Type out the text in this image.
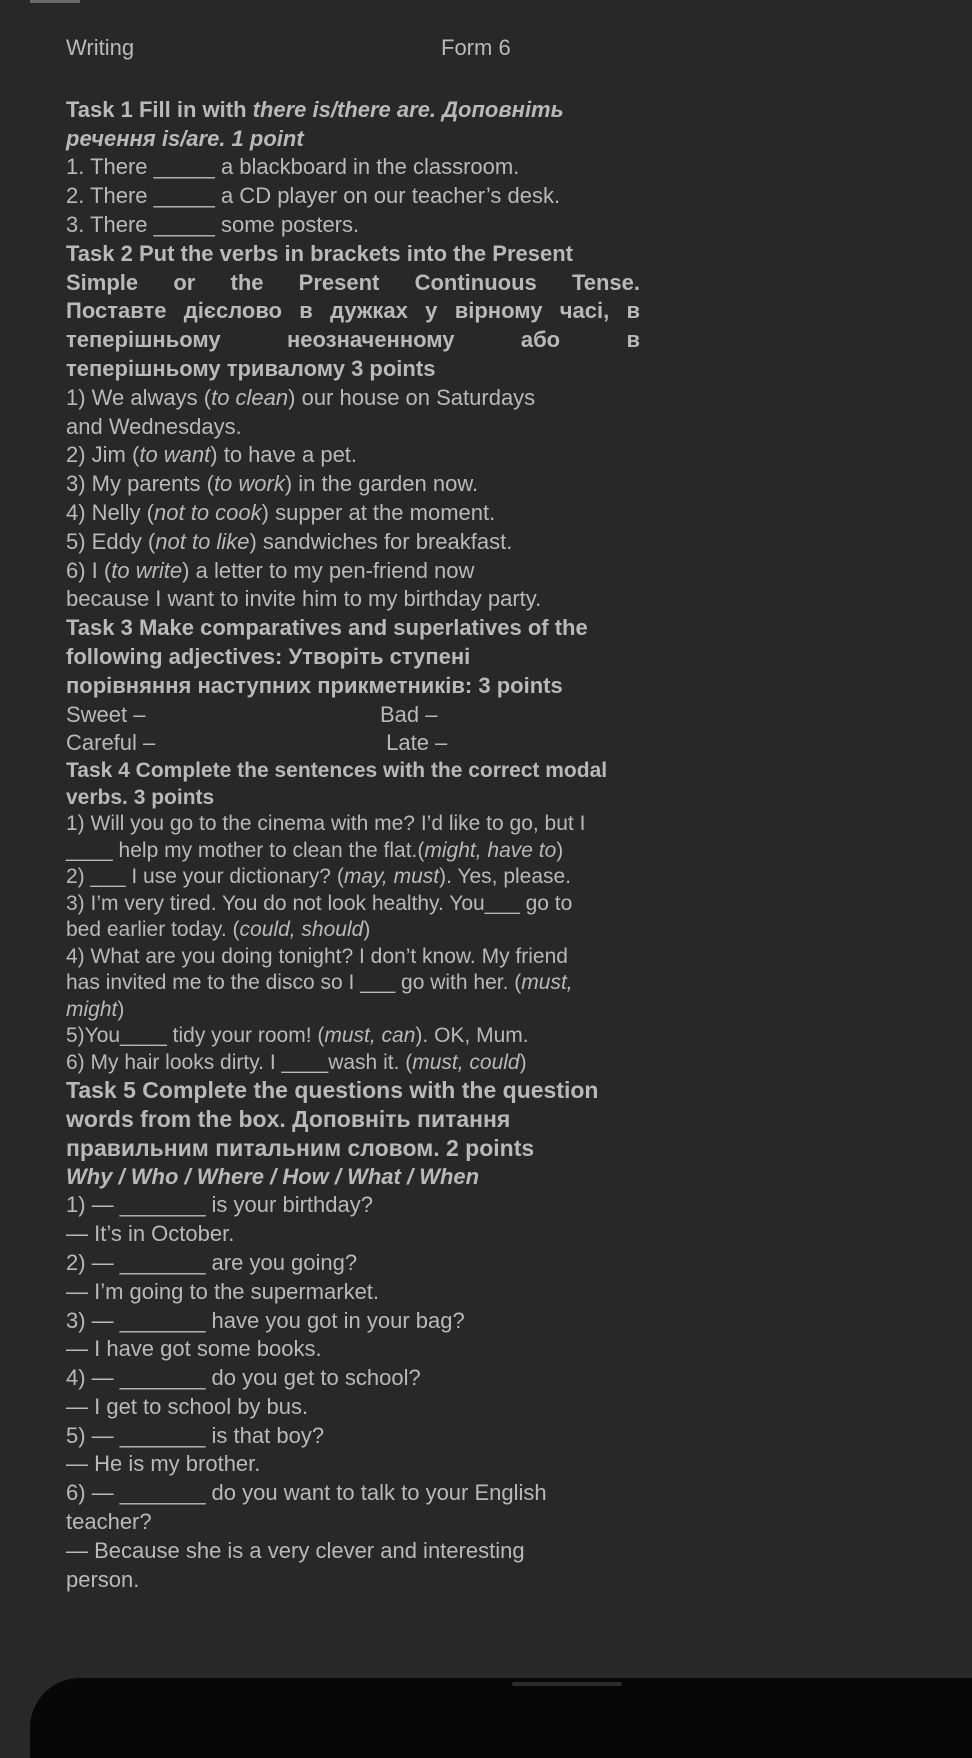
Writing	Form 6
Task 1 Fill in with there is/there are. Доповніть
речення is/are. 1 point
1. There _____ a blackboard in the classroom.
2. There _____ a CD player on our teacher’s desk.
3. There _____ some posters.
Task 2 Put the verbs in brackets into the Present
Simple or the Present Continuous Tense.
Поставте дієслово в дужках у вірному часі, в
теперішньому неозначенному або в
теперішньому тривалому 3 points
1) We always (to clean) our house on Saturdays
and Wednesdays.
2) Jim (to want) to have a pet.
3) My parents (to work) in the garden now.
4) Nelly (not to cook) supper at the moment.
5) Eddy (not to like) sandwiches for breakfast.
6) I (to write) a letter to my pen-friend now
because I want to invite him to my birthday party.
Task 3 Make comparatives and superlatives of the
following adjectives: Утворіть ступені
порівняння наступних прикметників: 3 points
Sweet –	Bad –
Careful –	Late –
Task 4 Complete the sentences with the correct modal
verbs. 3 points
1) Will you go to the cinema with me? I’d like to go, but I
____ help my mother to clean the flat.(might, have to)
2) ___ I use your dictionary? (may, must). Yes, please.
3) I’m very tired. You do not look healthy. You___ go to
bed earlier today. (could, should)
4) What are you doing tonight? I don’t know. My friend
has invited me to the disco so I ___ go with her. (must,
might)
5)You____ tidy your room! (must, can). OK, Mum.
6) My hair looks dirty. I ____wash it. (must, could)
Task 5 Complete the questions with the question
words from the box. Доповніть питання
правильним питальним словом. 2 points
Why / Who / Where / How / What / When
1) — _______ is your birthday?
— It’s in October.
2) — _______ are you going?
— I’m going to the supermarket.
3) — _______ have you got in your bag?
— I have got some books.
4) — _______ do you get to school?
— I get to school by bus.
5) — _______ is that boy?
— He is my brother.
6) — _______ do you want to talk to your English
teacher?
— Because she is a very clever and interesting
person.
